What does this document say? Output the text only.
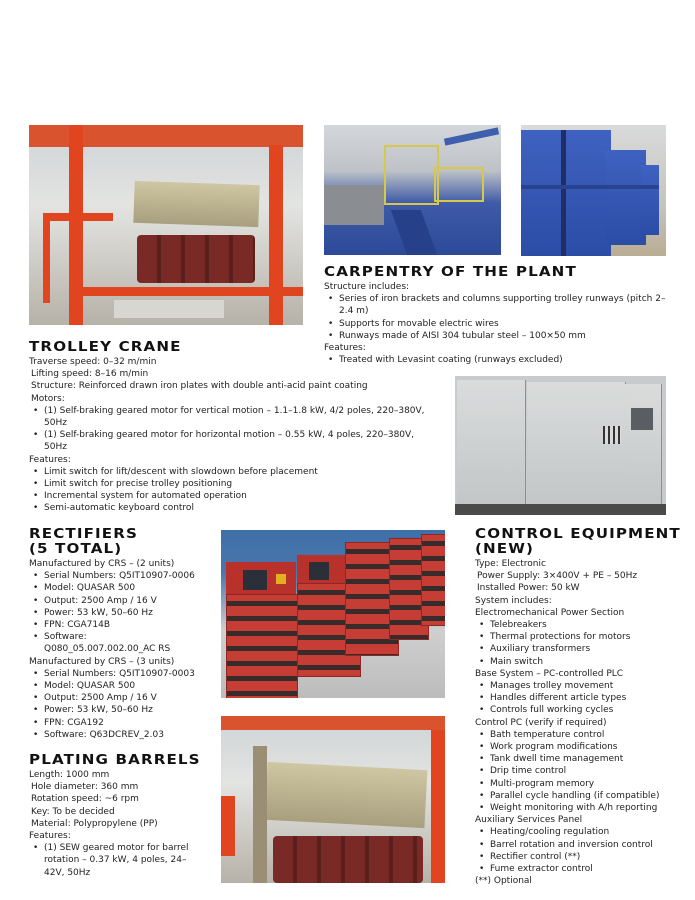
CARPENTRY OF THE PLANT
Structure includes:
• Series of iron brackets and columns supporting trolley runways (pitch 2–
2.4 m)
• Supports for movable electric wires
• Runways made of AISI 304 tubular steel – 100×50 mm
Features:
• Treated with Levasint coating (runways excluded)
TROLLEY CRANE
Traverse speed: 0–32 m/min
Lifting speed: 8–16 m/min
Structure: Reinforced drawn iron plates with double anti-acid paint coating
Motors:
• (1) Self-braking geared motor for vertical motion – 1.1–1.8 kW, 4/2 poles, 220–380V,
50Hz
• (1) Self-braking geared motor for horizontal motion – 0.55 kW, 4 poles, 220–380V,
50Hz
Features:
• Limit switch for lift/descent with slowdown before placement
• Limit switch for precise trolley positioning
• Incremental system for automated operation
• Semi-automatic keyboard control
RECTIFIERS
(5 TOTAL)
Manufactured by CRS – (2 units)
• Serial Numbers: Q5IT10907-0006
• Model: QUASAR 500
• Output: 2500 Amp / 16 V
• Power: 53 kW, 50–60 Hz
• FPN: CGA714B
• Software:
Q080_05.007.002.00_AC RS
Manufactured by CRS – (3 units)
• Serial Numbers: Q5IT10907-0003
• Model: QUASAR 500
• Output: 2500 Amp / 16 V
• Power: 53 kW, 50–60 Hz
• FPN: CGA192
• Software: Q63DCREV_2.03
PLATING BARRELS
Length: 1000 mm
Hole diameter: 360 mm
Rotation speed: ~6 rpm
Key: To be decided
Material: Polypropylene (PP)
Features:
• (1) SEW geared motor for barrel
rotation – 0.37 kW, 4 poles, 24–
42V, 50Hz
CONTROL EQUIPMENT
(NEW)
Type: Electronic
Power Supply: 3×400V + PE – 50Hz
Installed Power: 50 kW
System includes:
Electromechanical Power Section
• Telebreakers
• Thermal protections for motors
• Auxiliary transformers
• Main switch
Base System – PC-controlled PLC
• Manages trolley movement
• Handles different article types
• Controls full working cycles
Control PC (verify if required)
• Bath temperature control
• Work program modifications
• Tank dwell time management
• Drip time control
• Multi-program memory
• Parallel cycle handling (if compatible)
• Weight monitoring with A/h reporting
Auxiliary Services Panel
• Heating/cooling regulation
• Barrel rotation and inversion control
• Rectifier control (**)
• Fume extractor control
(**) Optional
